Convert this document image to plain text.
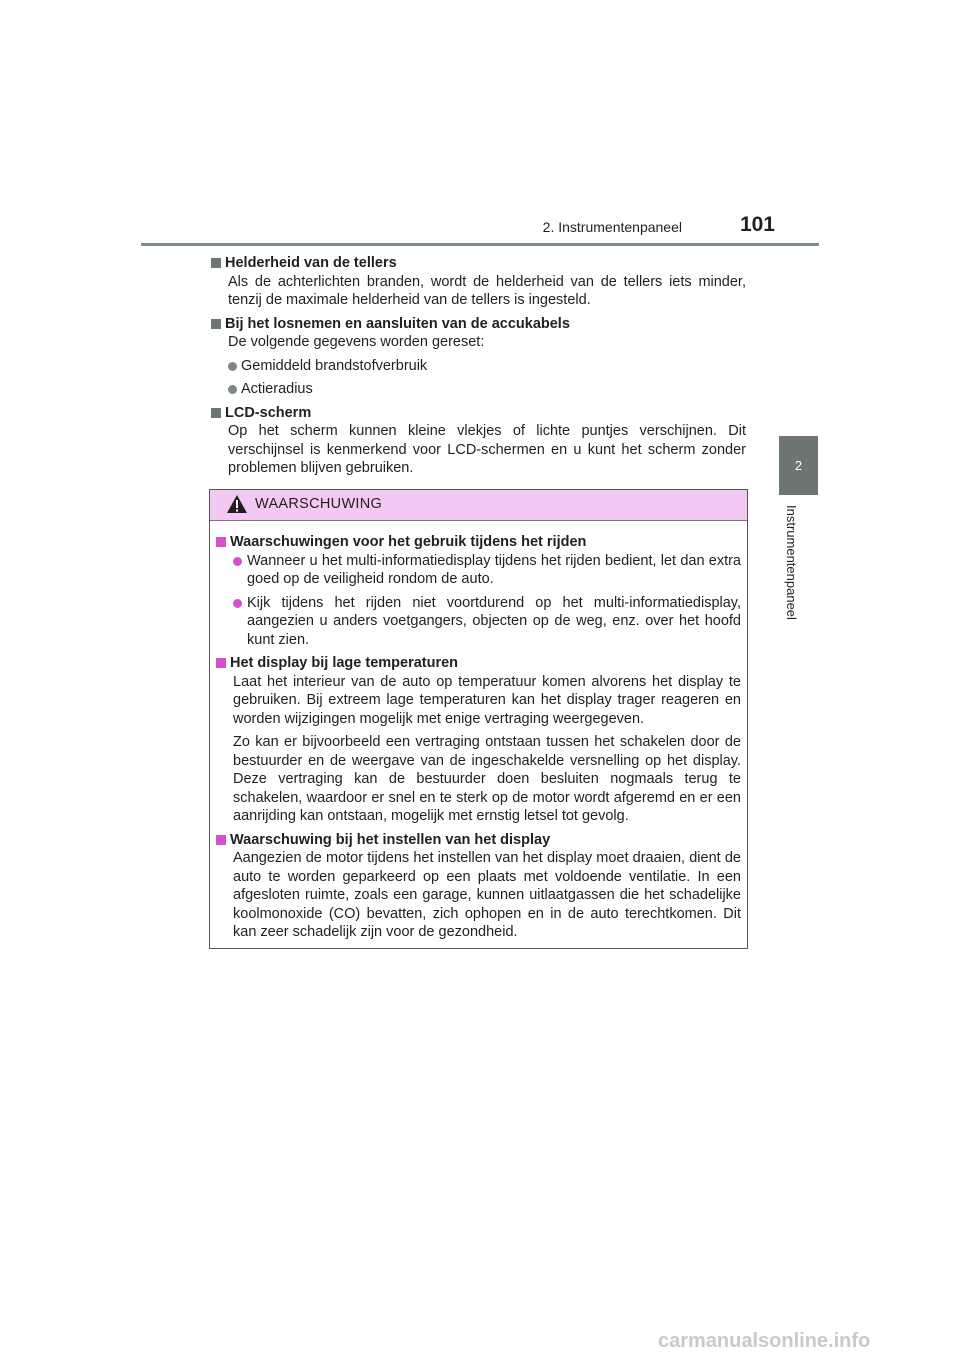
2. Instrumentenpaneel	101
2
Instrumentenpaneel

Helderheid van de tellers

Als de achterlichten branden, wordt de helderheid van de tellers iets minder, tenzij de maximale helderheid van de tellers is ingesteld.

Bij het losnemen en aansluiten van de accukabels

De volgende gegevens worden gereset:

Gemiddeld brandstofverbruik
Actieradius

LCD-scherm

Op het scherm kunnen kleine vlekjes of lichte puntjes verschijnen. Dit verschijnsel is kenmerkend voor LCD-schermen en u kunt het scherm zonder problemen blijven gebruiken.

WAARSCHUWING

Waarschuwingen voor het gebruik tijdens het rijden

Wanneer u het multi-informatiedisplay tijdens het rijden bedient, let dan extra goed op de veiligheid rondom de auto.
Kijk tijdens het rijden niet voortdurend op het multi-informatiedisplay, aangezien u anders voetgangers, objecten op de weg, enz. over het hoofd kunt zien.

Het display bij lage temperaturen

Laat het interieur van de auto op temperatuur komen alvorens het display te gebruiken. Bij extreem lage temperaturen kan het display trager reageren en worden wijzigingen mogelijk met enige vertraging weergegeven.

Zo kan er bijvoorbeeld een vertraging ontstaan tussen het schakelen door de bestuurder en de weergave van de ingeschakelde versnelling op het display. Deze vertraging kan de bestuurder doen besluiten nogmaals terug te schakelen, waardoor er snel en te sterk op de motor wordt afgeremd en er een aanrijding kan ontstaan, mogelijk met ernstig letsel tot gevolg.

Waarschuwing bij het instellen van het display

Aangezien de motor tijdens het instellen van het display moet draaien, dient de auto te worden geparkeerd op een plaats met voldoende ventilatie. In een afgesloten ruimte, zoals een garage, kunnen uitlaatgassen die het schadelijke koolmonoxide (CO) bevatten, zich ophopen en in de auto terechtkomen. Dit kan zeer schadelijk zijn voor de gezondheid.

carmanualsonline.info
